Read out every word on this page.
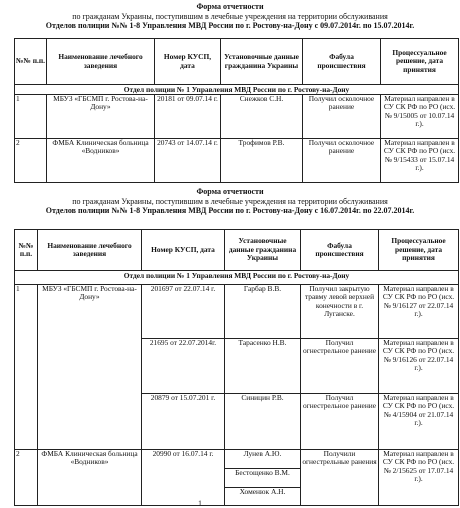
Форма отчетности
по гражданам Украины, поступившим в лечебные учреждения на территории обслуживания
Отделов полиции №№ 1-8 Управления МВД России по г. Ростову-на-Дону с 09.07.2014г. по 15.07.2014г.
№№ п.п.	Наименование лечебного заведения	Номер КУСП, дата	Установочные данные гражданина Украины	Фабула происшествия	Процессуальное решение, дата принятия
Отдел полиции № 1 Управления МВД России по г. Ростову-на-Дону					
1	МБУЗ «ГБСМП г. Ростова-на-Дону»	20181 от 09.07.14 г.	Снежков С.Н.	Получил осколочное ранение	Материал направлен в СУ СК РФ по РО (исх. № 9/15005 от 10.07.14 г.).
2	ФМБА Клиническая больница «Водников»	20743 от 14.07.14 г.	Трофимов Р.В.	Получил осколочное ранение	Материал направлен в СУ СК РФ по РО (исх. № 9/15433 от 15.07.14 г.).
Форма отчетности
по гражданам Украины, поступившим в лечебные учреждения на территории обслуживания
Отделов полиции №№ 1-8 Управления МВД России по г. Ростову-на-Дону с 16.07.2014г. по 22.07.2014г.
№№ п.п.	Наименование лечебного заведения	Номер КУСП, дата	Установочные данные гражданина Украины	Фабула происшествия	Процессуальное решение, дата принятия
Отдел полиции № 1 Управления МВД России по г. Ростову-на-Дону					
1	МБУЗ «ГБСМП г. Ростова-на-Дону»	201697 от 22.07.14 г.	Гарбар В.В.	Получил закрытую травму левой верхней конечности в г. Луганске.	Материал направлен в СУ СК РФ по РО (исх. № 9/16127 от 22.07.14 г.).
		21695 от 22.07.2014г.	Тарасенко Н.В.	Получил огнестрельное ранение	Материал направлен в СУ СК РФ по РО (исх. № 9/16126 от 22.07.14 г.).
		20879 от 15.07.201 г.	Синицин Р.В.	Получил огнестрельное ранение	Материал направлен в СУ СК РФ по РО (исх. № 4/15904 от 21.07.14 г.).
2	ФМБА Клиническая больница «Водников»	20990 от 16.07.14 г.	Лунев А.Ю.	Получили огнестрельные ранения	Материал направлен в СУ СК РФ по РО (исх. № 2/15625 от 17.07.14 г.).
			Бестощенко В.М.		
			Хоменюк А.Н.		
1
